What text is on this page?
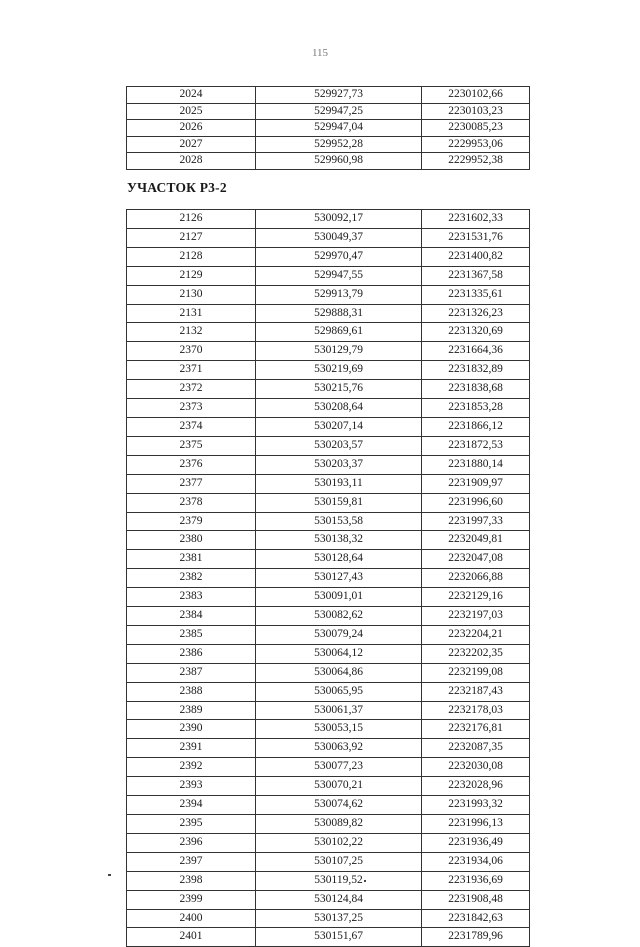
115
2024	529927,73	2230102,66
2025	529947,25	2230103,23
2026	529947,04	2230085,23
2027	529952,28	2229953,06
2028	529960,98	2229952,38
УЧАСТОК Р3-2
2126	530092,17	2231602,33
2127	530049,37	2231531,76
2128	529970,47	2231400,82
2129	529947,55	2231367,58
2130	529913,79	2231335,61
2131	529888,31	2231326,23
2132	529869,61	2231320,69
2370	530129,79	2231664,36
2371	530219,69	2231832,89
2372	530215,76	2231838,68
2373	530208,64	2231853,28
2374	530207,14	2231866,12
2375	530203,57	2231872,53
2376	530203,37	2231880,14
2377	530193,11	2231909,97
2378	530159,81	2231996,60
2379	530153,58	2231997,33
2380	530138,32	2232049,81
2381	530128,64	2232047,08
2382	530127,43	2232066,88
2383	530091,01	2232129,16
2384	530082,62	2232197,03
2385	530079,24	2232204,21
2386	530064,12	2232202,35
2387	530064,86	2232199,08
2388	530065,95	2232187,43
2389	530061,37	2232178,03
2390	530053,15	2232176,81
2391	530063,92	2232087,35
2392	530077,23	2232030,08
2393	530070,21	2232028,96
2394	530074,62	2231993,32
2395	530089,82	2231996,13
2396	530102,22	2231936,49
2397	530107,25	2231934,06
2398	530119,52	2231936,69
2399	530124,84	2231908,48
2400	530137,25	2231842,63
2401	530151,67	2231789,96
